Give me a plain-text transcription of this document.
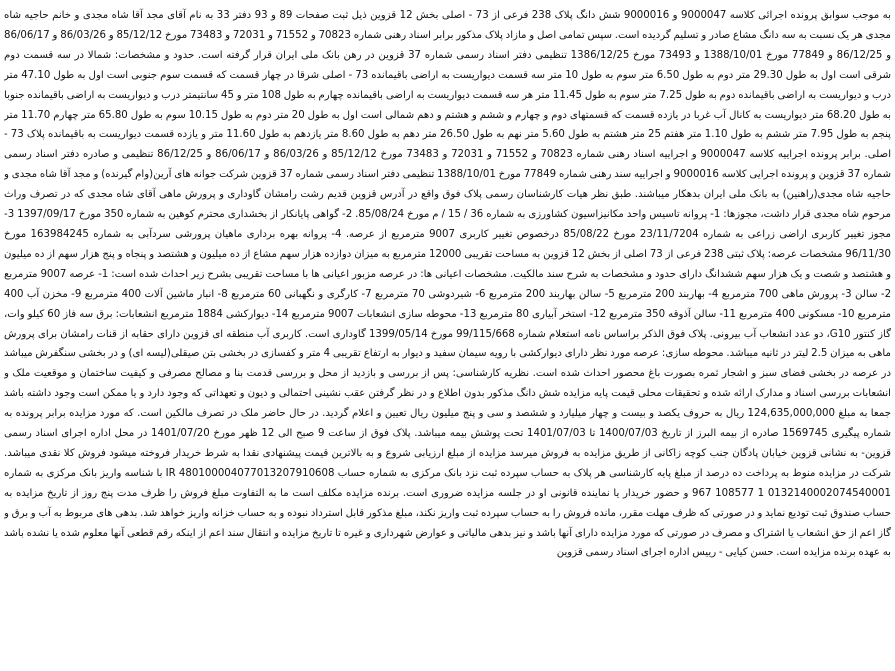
به موجب سوابق پرونده اجرائی کلاسه 9000047 و 9000016 شش دانگ پلاک 238 فرعی از 73 - اصلی بخش 12 قزوین ذیل ثبت صفحات 89 و 93 دفتر 33 به نام آقای مجد آقا شاه مجدی و خانم حاجیه شاه مجدی هر یک نسبت به سه دانگ مشاع صادر و تسلیم گردیده است. سپس تمامی اصل و مازاد پلاک مذکور برابر اسناد رهنی شماره 70823 و 71552 و 72031 و 73483 مورخ 85/12/12 و 86/03/26 و 86/06/17 و 86/12/25 و 77849 مورخ 1388/10/01 و 73493 مورخ 1386/12/25 تنظیمی دفتر اسناد رسمی شماره 37 قزوین در رهن بانک ملی ایران قرار گرفته است. حدود و مشخصات: شمالا در سه قسمت دوم شرقی است اول به طول 29.30 متر دوم به طول 6.50 متر سوم به طول 10 متر سه قسمت دیواریست به اراضی باقیمانده 73 - اصلی شرقا در چهار قسمت که قسمت سوم جنوبی است اول به طول 47.10 متر درب و دیواریست به اراضی باقیمانده دوم به طول 7.25 متر سوم به طول 11.45 متر هر سه قسمت دیواریست به اراضی باقیمانده چهارم به طول 108 متر و 45 سانتیمتر درب و دیواریست به اراضی باقیمانده جنوبا به طول 68.20 متر دیواریست به کانال آب غربا در یازده قسمت که قسمتهای دوم و چهارم و ششم و هشتم و دهم شمالی است اول به طول 20 متر دوم به طول 10.15 سوم به طول 65.80 متر چهارم 11.70 متر پنجم به طول 7.95 متر ششم به طول 1.10 متر هفتم 25 متر هشتم به طول 5.60 متر نهم به طول 26.50 متر دهم به طول 8.60 متر یازدهم به طول 11.60 متر و یازده قسمت دیواریست به باقیمانده پلاک 73 - اصلی. برابر پرونده اجراییه کلاسه 9000047 و اجراییه اسناد رهنی شماره 70823 و 71552 و 72031 و 73483 مورخ 85/12/12 و 86/03/26 و 86/06/17 و 86/12/25 تنظیمی و صادره دفتر اسناد رسمی شماره 37 قزوین و پرونده اجرایی کلاسه 9000016 و اجراییه سند رهنی شماره 77849 مورخ 1388/10/01 تنظیمی دفتر اسناد رسمی شماره 37 قزوین شرکت جوانه های آرین(وام گیرنده) و مجد آقا شاه مجدی و حاجیه شاه مجدی(راهنین) به بانک ملی ایران بدهکار میباشند. طبق نظر هیات کارشناسان رسمی پلاک فوق واقع در آدرس قزوین قدیم رشت رامشان گاوداری و پرورش ماهی آقای شاه مجدی که در تصرف وراث مرحوم شاه مجدی قرار داشت، مجوزها: 1- پروانه تاسیس واحد مکانیزاسیون کشاورزی به شماره 36 / 15 / م مورخ 85/08/24. 2- گواهی پایانکار از بخشداری محترم کوهین به شماره 350 مورخ 1397/09/17 3- مجوز تغییر کاربری اراضی زراعی به شماره 23/11/7204 مورخ 85/08/22 درخصوص تغییر کاربری 9007 مترمربع از عرصه. 4- پروانه بهره برداری ماهیان پرورشی سردآبی به شماره 163984245 مورخ 96/11/30 مشخصات عرصه: پلاک ثبتی 238 فرعی از 73 اصلی از بخش 12 قزوین به مساحت تقریبی 12000 مترمربع به میزان دوازده هزار سهم مشاع از ده میلیون و هشتصد و پنجاه و پنج هزار سهم از ده میلیون و هشتصد و شصت و یک هزار سهم ششدانگ دارای حدود و مشخصات به شرح سند مالکیت. مشخصات اعیانی ها: در عرصه مزبور اعیانی ها با مساحت تقریبی بشرح زیر احداث شده است: 1- عرصه 9007 مترمربع 2- سالن 3- پرورش ماهی 700 مترمربع 4- بهاربند 200 مترمربع 5- سالن بهاربند 200 مترمربع 6- شیردوشی 70 مترمربع 7- کارگری و نگهبانی 60 مترمربع 8- انبار ماشین آلات 400 مترمربع 9- مخزن آب 400 مترمربع 10- مسکونی 400 مترمربع 11- سالن آذوقه 350 مترمربع 12- استخر آبیاری 80 مترمربع 13- محوطه سازی انشعابات 9007 مترمربع 14- دیوارکشی 1884 مترمربع انشعابات: برق سه فاز 60 کیلو وات، گاز کنتور G10، دو عدد انشعاب آب بیرونی. پلاک فوق الذکر براساس نامه استعلام شماره 99/115/668 مورخ 1399/05/14 گاوداری است. کاربری آب منطقه ای قزوین دارای حقابه از قنات رامشان برای پرورش ماهی به میزان 2.5 لیتر در ثانیه میباشد. محوطه سازی: عرصه مورد نظر دارای دیوارکشی با رویه سیمان سفید و دیوار به ارتفاع تقریبی 4 متر و کفسازی در بخشی بتن صیقلی(لیسه ای) و در بخشی سنگفرش میباشد در عرصه در بخشی فضای سبز و اشجار ثمره بصورت باغ محصور احداث شده است. نظریه کارشناسی: پس از بررسی و بازدید از محل و بررسی قدمت بنا و مصالح مصرفی و کیفیت ساختمان و موقعیت ملک و انشعابات بررسی اسناد و مدارک ارائه شده و تحقیقات محلی قیمت پایه مزایده شش دانگ مذکور بدون اطلاع و در نظر گرفتن عقب نشینی احتمالی و دیون و تعهداتی که وجود دارد و یا ممکن است وجود داشته باشد جمعا به مبلغ 124,635,000,000 ریال به حروف یکصد و بیست و چهار میلیارد و ششصد و سی و پنج میلیون ریال تعیین و اعلام گردید. در حال حاضر ملک در تصرف مالکین است. که مورد مزایده برابر پرونده به شماره پیگیری 1569745 صادره از بیمه البرز از تاریخ 1400/07/03 تا 1401/07/03 تحت پوشش بیمه میباشد. پلاک فوق از ساعت 9 صبح الی 12 ظهر مورخ 1401/07/20 در محل اداره اجرای اسناد رسمی قزوین- به نشانی قزوین خیابان پادگان جنب کوچه زاکانی از طریق مزایده به فروش میرسد مزایده از مبلغ ارزیابی شروع و به بالاترین قیمت پیشنهادی نقدا به شرط خریدار فروخته میشود فروش کلا نقدی میباشد. شرکت در مزایده منوط به پرداخت ده درصد از مبلغ پایه کارشناسی هر پلاک به حساب سپرده ثبت نزد بانک مرکزی به شماره حساب IR 480100004077013207910608 با شناسه واریز بانک مرکزی به شماره 0132140002074540001 1 108577 967 و حضور خریدار یا نماینده قانونی او در جلسه مزایده ضروری است. برنده مزایده مکلف است ما به التفاوت مبلغ فروش را ظرف مدت پنج روز از تاریخ مزایده به حساب صندوق ثبت تودیع نماید و در صورتی که ظرف مهلت مقرر، مانده فروش را به حساب سپرده ثبت واریز نکند، مبلغ مذکور قابل استرداد نبوده و به حساب خزانه واریز خواهد شد. بدهی های مربوط به آب و برق و گاز اعم از حق انشعاب یا اشتراک و مصرف در صورتی که مورد مزایده دارای آنها باشد و نیز بدهی مالیاتی و عوارض شهرداری و غیره تا تاریخ مزایده و انتقال سند اعم از اینکه رقم قطعی آنها معلوم شده یا نشده باشد به عهده برنده مزایده است. حسن کیایی - رییس اداره اجرای اسناد رسمی قزوین
